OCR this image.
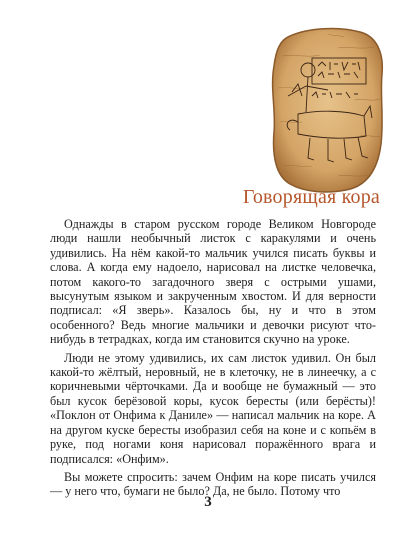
Говорящая кора

Однажды в старом русском городе Великом Новгороде люди нашли необычный листок с каракулями и очень удивились. На нём какой-то мальчик учился писать буквы и слова. А когда ему надоело, нарисовал на листке человечка, потом какого-то загадочного зверя с острыми ушами, высунутым языком и закрученным хвостом. И для верности подписал: «Я зверь». Казалось бы, ну и что в этом особенного? Ведь многие мальчики и девочки рисуют что-нибудь в тетрадках, когда им становится скучно на уроке.

Люди не этому удивились, их сам листок удивил. Он был какой-то жёлтый, неровный, не в клеточку, не в линеечку, а с коричневыми чёрточками. Да и вообще не бумажный — это был кусок берёзовой коры, кусок бересты (или берёсты)! «Поклон от Онфима к Даниле» — написал мальчик на коре. А на другом куске бересты изобразил себя на коне и с копьём в руке, под ногами коня нарисовал поражённого врага и подписался: «Онфим».

Вы можете спросить: зачем Онфим на коре писать учился — у него что, бумаги не было? Да, не было. Потому что

3
